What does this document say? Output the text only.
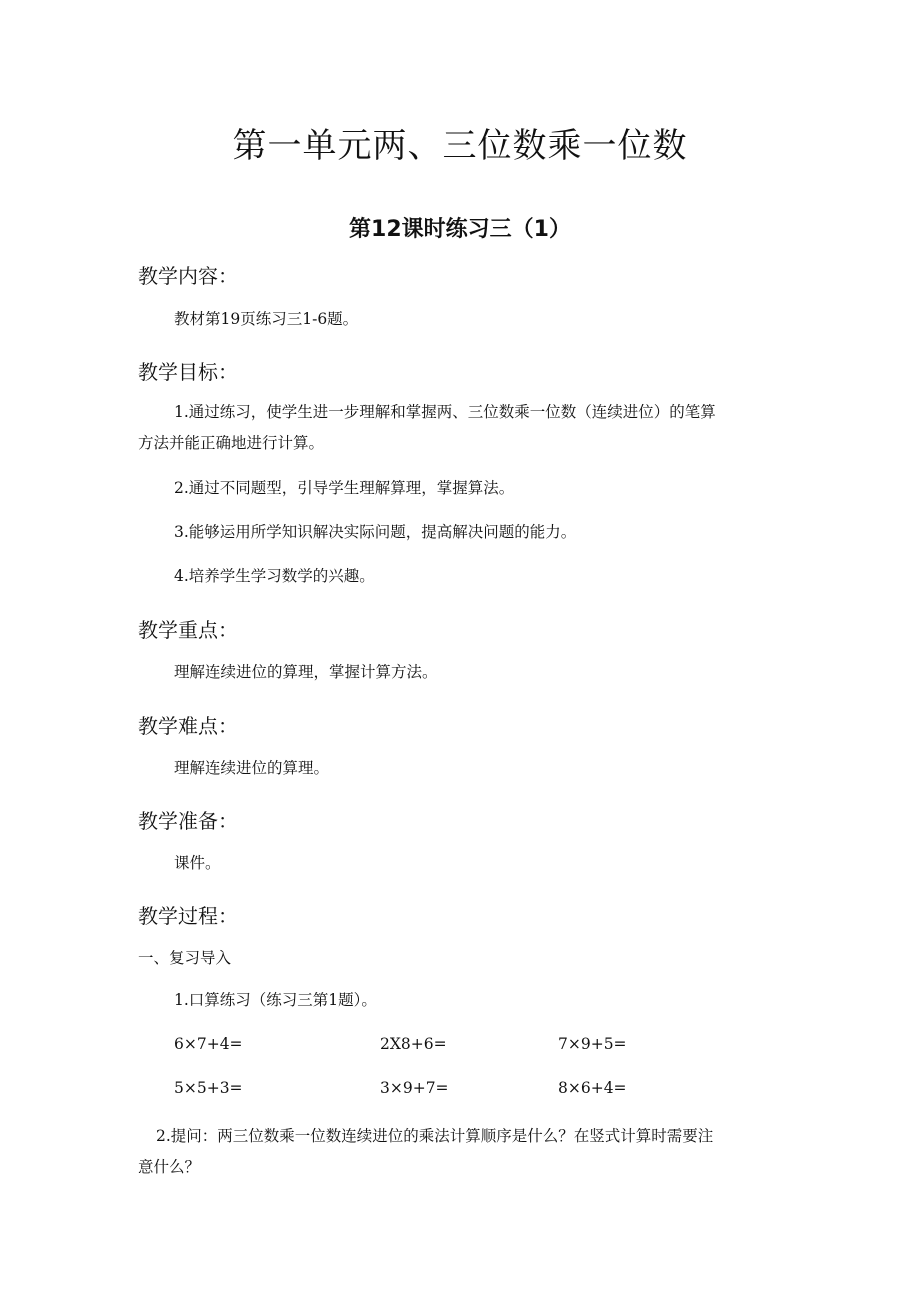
第一单元两、三位数乘一位数
第12课时练习三（1）
教学内容：
教材第19页练习三1-6题。
教学目标：
1.通过练习，使学生进一步理解和掌握两、三位数乘一位数（连续进位）的笔算
方法并能正确地进行计算。
2.通过不同题型，引导学生理解算理，掌握算法。
3.能够运用所学知识解决实际问题，提高解决问题的能力。
4.培养学生学习数学的兴趣。
教学重点：
理解连续进位的算理，掌握计算方法。
教学难点：
理解连续进位的算理。
教学准备：
课件。
教学过程：
一、复习导入
1.口算练习（练习三第1题）。
6×7+4=	2X8+6=	7×9+5=
5×5+3=	3×9+7=	8×6+4=
2.提问：两三位数乘一位数连续进位的乘法计算顺序是什么？在竖式计算时需要注
意什么？
